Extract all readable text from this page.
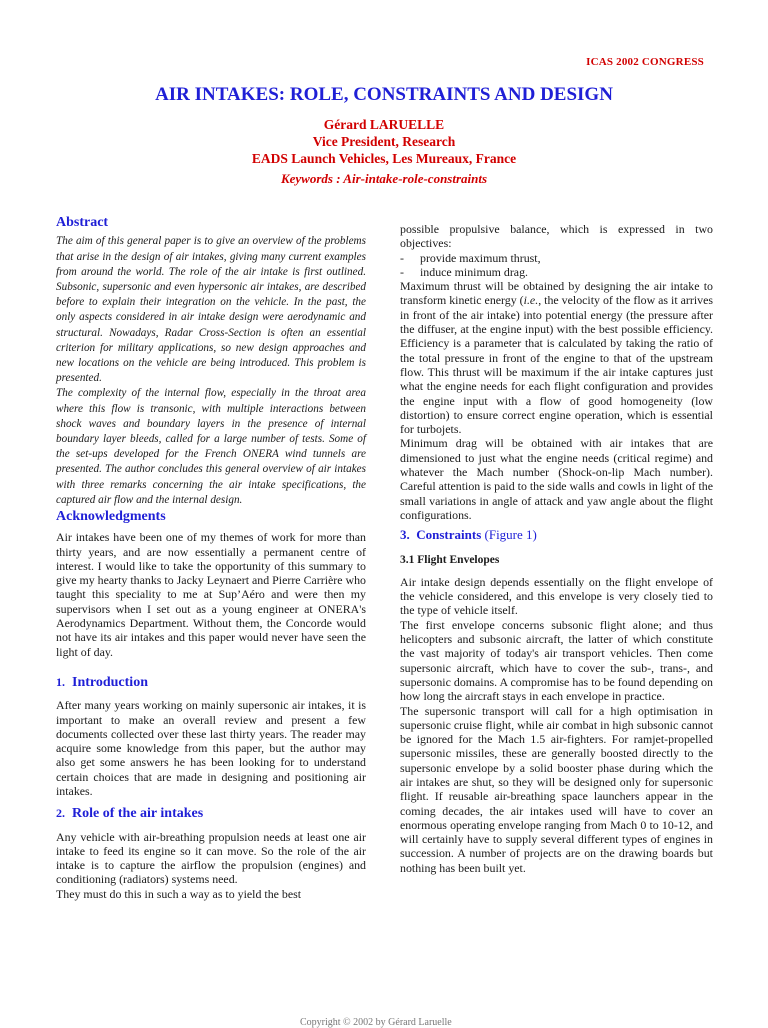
ICAS 2002 CONGRESS
AIR INTAKES: ROLE, CONSTRAINTS AND DESIGN
Gérard LARUELLE
Vice President, Research
EADS Launch Vehicles, Les Mureaux, France
Keywords : Air-intake-role-constraints
Abstract

The aim of this general paper is to give an overview of the problems that arise in the design of air intakes, giving many current examples from around the world. The role of the air intake is first outlined. Subsonic, supersonic and even hypersonic air intakes, are described before to explain their integration on the vehicle. In the past, the only aspects considered in air intake design were aerodynamic and structural. Nowadays, Radar Cross-Section is often an essential criterion for military applications, so new design approaches and new locations on the vehicle are being introduced. This problem is presented.

The complexity of the internal flow, especially in the throat area where this flow is transonic, with multiple interactions between shock waves and boundary layers in the presence of internal boundary layer bleeds, called for a large number of tests. Some of the set-ups developed for the French ONERA wind tunnels are presented. The author concludes this general overview of air intakes with three remarks concerning the air intake specifications, the captured air flow and the internal design.

Acknowledgments

Air intakes have been one of my themes of work for more than thirty years, and are now essentially a permanent centre of interest. I would like to take the opportunity of this summary to give my hearty thanks to Jacky Leynaert and Pierre Carrière who taught this speciality to me at Sup’Aéro and were then my supervisors when I set out as a young engineer at ONERA's Aerodynamics Department. Without them, the Concorde would not have its air intakes and this paper would never have seen the light of day.

1. Introduction

After many years working on mainly supersonic air intakes, it is important to make an overall review and present a few documents collected over these last thirty years. The reader may acquire some knowledge from this paper, but the author may also get some answers he has been looking for to understand certain choices that are made in designing and positioning air intakes.

2. Role of the air intakes

Any vehicle with air-breathing propulsion needs at least one air intake to feed its engine so it can move. So the role of the air intake is to capture the airflow the propulsion (engines) and conditioning (radiators) systems need.

They must do this in such a way as to yield the best

possible propulsive balance, which is expressed in two objectives:

-	provide maximum thrust,
-	induce minimum drag.

Maximum thrust will be obtained by designing the air intake to transform kinetic energy (i.e., the velocity of the flow as it arrives in front of the air intake) into potential energy (the pressure after the diffuser, at the engine input) with the best possible efficiency. Efficiency is a parameter that is calculated by taking the ratio of the total pressure in front of the engine to that of the upstream flow. This thrust will be maximum if the air intake captures just what the engine needs for each flight configuration and provides the engine input with a flow of good homogeneity (low distortion) to ensure correct engine operation, which is essential for turbojets.

Minimum drag will be obtained with air intakes that are dimensioned to just what the engine needs (critical regime) and whatever the Mach number (Shock-on-lip Mach number). Careful attention is paid to the side walls and cowls in light of the small variations in angle of attack and yaw angle about the flight configurations.

3. Constraints (Figure 1)
3.1 Flight Envelopes

Air intake design depends essentially on the flight envelope of the vehicle considered, and this envelope is very closely tied to the type of vehicle itself.

The first envelope concerns subsonic flight alone; and thus helicopters and subsonic aircraft, the latter of which constitute the vast majority of today's air transport vehicles. Then come supersonic aircraft, which have to cover the sub-, trans-, and supersonic domains. A compromise has to be found depending on how long the aircraft stays in each envelope in practice.

The supersonic transport will call for a high optimisation in supersonic cruise flight, while air combat in high subsonic cannot be ignored for the Mach 1.5 air-fighters. For ramjet-propelled supersonic missiles, these are generally boosted directly to the supersonic envelope by a solid booster phase during which the air intakes are shut, so they will be designed only for supersonic flight. If reusable air-breathing space launchers appear in the coming decades, the air intakes used will have to cover an enormous operating envelope ranging from Mach 0 to 10-12, and will certainly have to supply several different types of engines in succession. A number of projects are on the drawing boards but nothing has been built yet.

Copyright © 2002 by Gérard Laruelle
